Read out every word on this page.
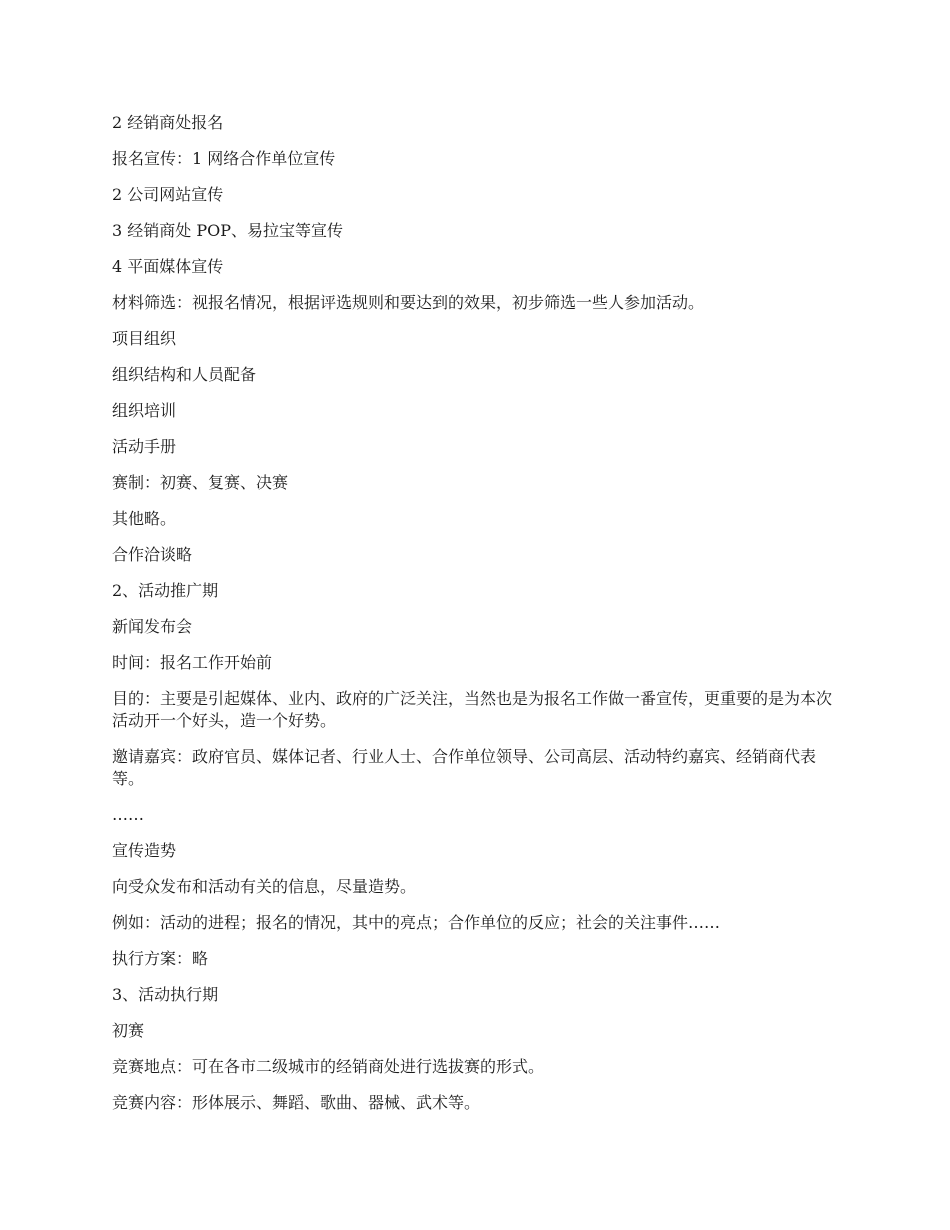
2 经销商处报名

报名宣传：1 网络合作单位宣传

2 公司网站宣传

3 经销商处 POP、易拉宝等宣传

4 平面媒体宣传

材料筛选：视报名情况，根据评选规则和要达到的效果，初步筛选一些人参加活动。

项目组织

组织结构和人员配备

组织培训

活动手册

赛制：初赛、复赛、决赛

其他略。

合作洽谈略

2、活动推广期

新闻发布会

时间：报名工作开始前

目的：主要是引起媒体、业内、政府的广泛关注，当然也是为报名工作做一番宣传，更重要的是为本次活动开一个好头，造一个好势。

邀请嘉宾：政府官员、媒体记者、行业人士、合作单位领导、公司高层、活动特约嘉宾、经销商代表等。

……

宣传造势

向受众发布和活动有关的信息，尽量造势。

例如：活动的进程；报名的情况，其中的亮点；合作单位的反应；社会的关注事件……

执行方案：略

3、活动执行期

初赛

竞赛地点：可在各市二级城市的经销商处进行选拔赛的形式。

竞赛内容：形体展示、舞蹈、歌曲、器械、武术等。
